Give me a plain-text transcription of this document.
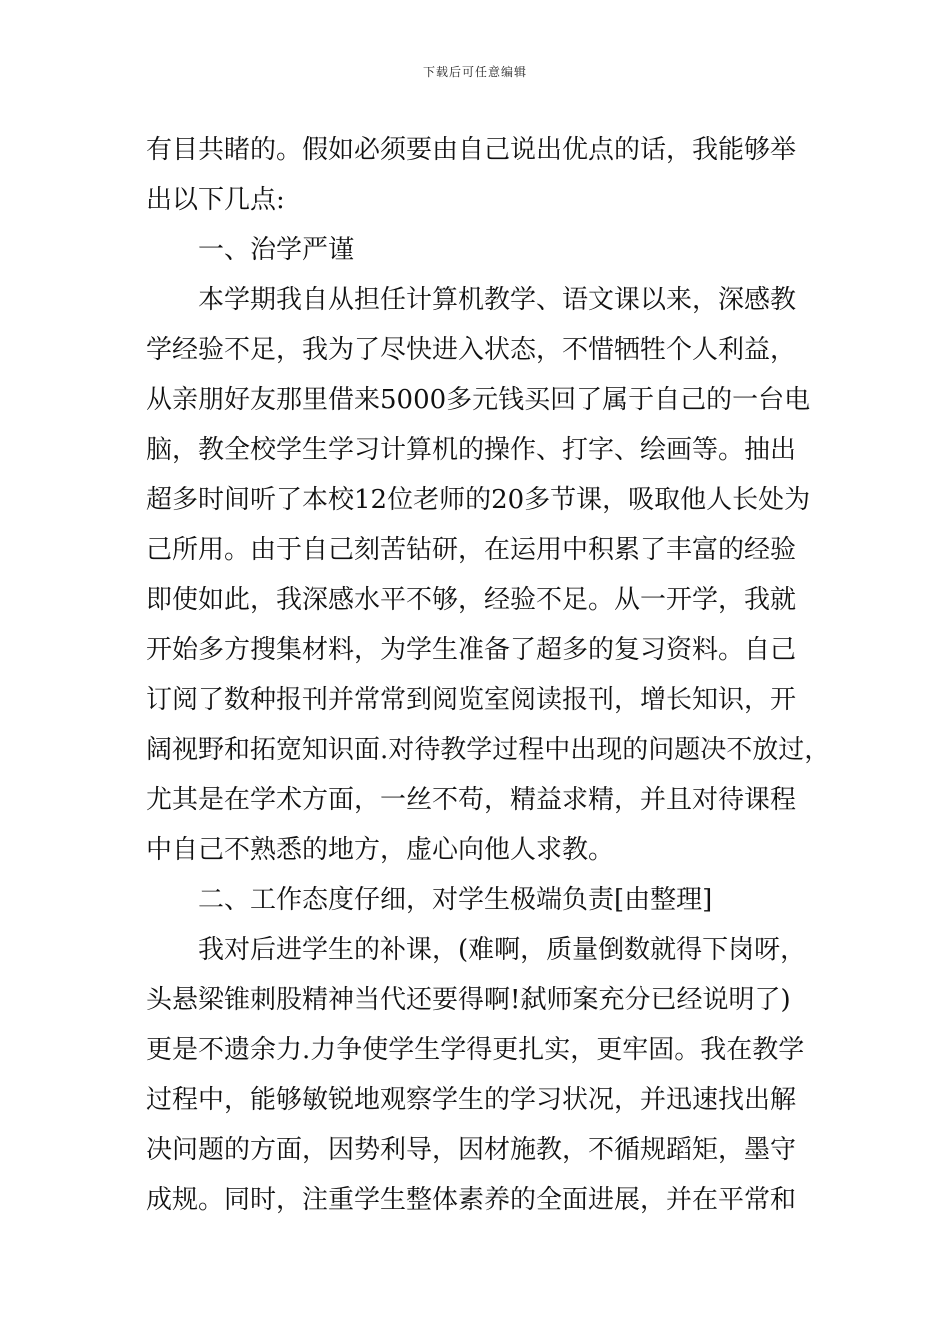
下载后可任意编辑
有目共睹的。假如必须要由自己说出优点的话，我能够举
出以下几点:
一、治学严谨
本学期我自从担任计算机教学、语文课以来，深感教
学经验不足，我为了尽快进入状态，不惜牺牲个人利益，
从亲朋好友那里借来5000多元钱买回了属于自己的一台电
脑，教全校学生学习计算机的操作、打字、绘画等。抽出
超多时间听了本校12位老师的20多节课，吸取他人长处为
己所用。由于自己刻苦钻研，在运用中积累了丰富的经验
即使如此，我深感水平不够，经验不足。从一开学，我就
开始多方搜集材料，为学生准备了超多的复习资料。自己
订阅了数种报刊并常常到阅览室阅读报刊，增长知识，开
阔视野和拓宽知识面.对待教学过程中出现的问题决不放过，
尤其是在学术方面，一丝不苟，精益求精，并且对待课程
中自己不熟悉的地方，虚心向他人求教。
二、工作态度仔细，对学生极端负责[由整理]
我对后进学生的补课，(难啊，质量倒数就得下岗呀，
头悬梁锥刺股精神当代还要得啊!弑师案充分已经说明了)
更是不遗余力.力争使学生学得更扎实，更牢固。我在教学
过程中，能够敏锐地观察学生的学习状况，并迅速找出解
决问题的方面，因势利导，因材施教，不循规蹈矩，墨守
成规。同时，注重学生整体素养的全面进展，并在平常和
